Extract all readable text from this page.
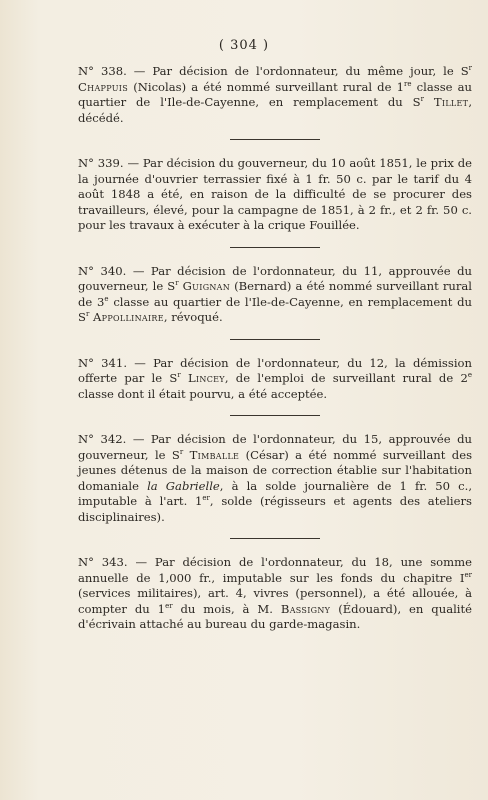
( 304 )

N° 338. — Par décision de l'ordonnateur, du même jour, le $S^r$ Chappuis (Nicolas) a été nommé surveillant rural de 1re classe au quartier de l'Ile-de-Cayenne, en remplacement du $S^r$ Tillet, décédé.

N° 339. — Par décision du gouverneur, du 10 août 1851, le prix de la journée d'ouvrier terrassier fixé à 1 fr. 50 c. par le tarif du 4 août 1848 a été, en raison de la difficulté de se procurer des travailleurs, élevé, pour la campagne de 1851, à 2 fr., et 2 fr. 50 c. pour les travaux à exécuter à la crique Fouillée.

N° 340. — Par décision de l'ordonnateur, du 11, approuvée du gouverneur, le $S^r$ Guignan (Bernard) a été nommé surveillant rural de 3e classe au quartier de l'Ile-de-Cayenne, en remplacement du $S^r$ Appollinaire, révoqué.

N° 341. — Par décision de l'ordonnateur, du 12, la démission offerte par le $S^r$ Lincey, de l'emploi de surveillant rural de 2e classe dont il était pourvu, a été acceptée.

N° 342. — Par décision de l'ordonnateur, du 15, approuvée du gouverneur, le $S^r$ Timballe (César) a été nommé surveillant des jeunes détenus de la maison de correction établie sur l'habitation domaniale la Gabrielle, à la solde journalière de 1 fr. 50 c., imputable à l'art. 1er, solde (régisseurs et agents des ateliers disciplinaires).

N° 343. — Par décision de l'ordonnateur, du 18, une somme annuelle de 1,000 fr., imputable sur les fonds du chapitre Ier (services militaires), art. 4, vivres (personnel), a été allouée, à compter du 1er du mois, à M. Bassigny (Édouard), en qualité d'écrivain attaché au bureau du garde-magasin.
